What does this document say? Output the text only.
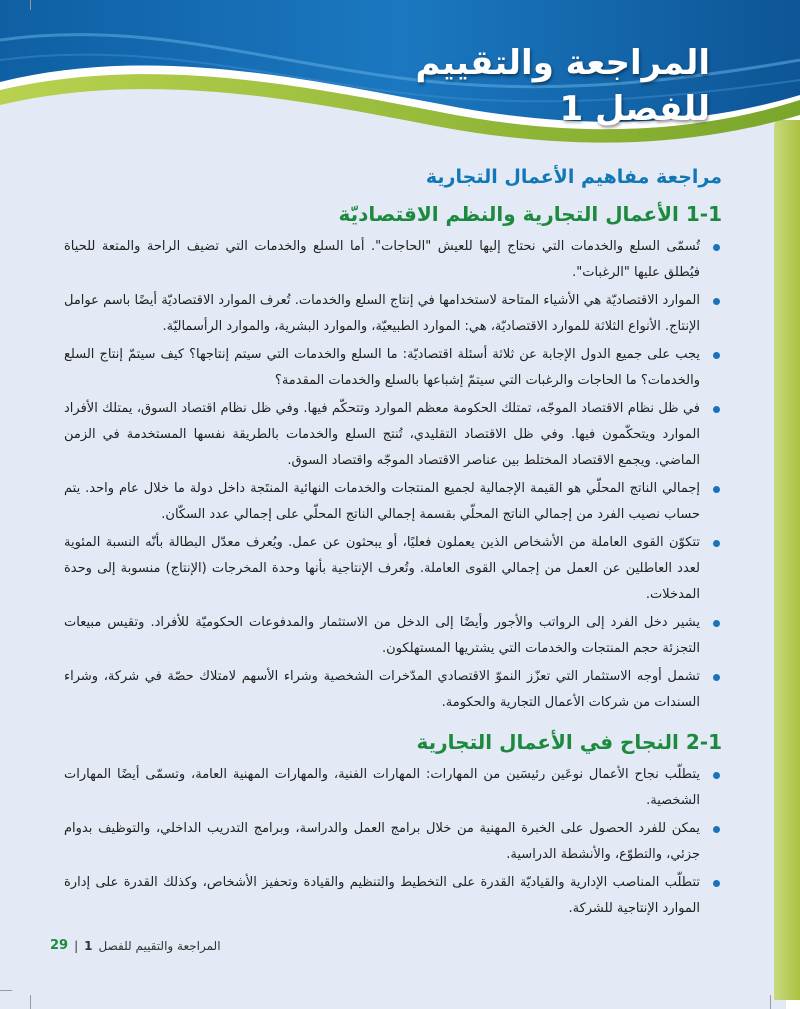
المراجعة والتقييم
للفصل 1
مراجعة مفاهيم الأعمال التجارية
1-1 الأعمال التجارية والنظم الاقتصاديّة
تُسمّى السلع والخدمات التي نحتاج إليها للعيش "الحاجات". أما السلع والخدمات التي تضيف الراحة والمتعة للحياة فيُطلق عليها "الرغبات".
الموارد الاقتصاديّة هي الأشياء المتاحة لاستخدامها في إنتاج السلع والخدمات. تُعرف الموارد الاقتصاديّة أيضًا باسم عوامل الإنتاج. الأنواع الثلاثة للموارد الاقتصاديّة، هي: الموارد الطبيعيّة، والموارد البشرية، والموارد الرأسماليّة.
يجب على جميع الدول الإجابة عن ثلاثة أسئلة اقتصاديّة: ما السلع والخدمات التي سيتم إنتاجها؟ كيف سيتمّ إنتاج السلع والخدمات؟ ما الحاجات والرغبات التي سيتمّ إشباعها بالسلع والخدمات المقدمة؟
في ظل نظام الاقتصاد الموجّه، تمتلك الحكومة معظم الموارد وتتحكّم فيها. وفي ظل نظام اقتصاد السوق، يمتلك الأفراد الموارد ويتحكّمون فيها. وفي ظل الاقتصاد التقليدي، تُنتج السلع والخدمات بالطريقة نفسها المستخدمة في الزمن الماضي. ويجمع الاقتصاد المختلط بين عناصر الاقتصاد الموجّه واقتصاد السوق.
إجمالي الناتج المحلّي هو القيمة الإجمالية لجميع المنتجات والخدمات النهائية المنتَجة داخل دولة ما خلال عام واحد. يتم حساب نصيب الفرد من إجمالي الناتج المحلّي بقسمة إجمالي الناتج المحلّي على إجمالي عدد السكّان.
تتكوّن القوى العاملة من الأشخاص الذين يعملون فعليًا، أو يبحثون عن عمل. ويُعرف معدّل البطالة بأنّه النسبة المئوية لعدد العاطلين عن العمل من إجمالي القوى العاملة. وتُعرف الإنتاجية بأنها وحدة المخرجات (الإنتاج) منسوبة إلى وحدة المدخلات.
يشير دخل الفرد إلى الرواتب والأجور وأيضًا إلى الدخل من الاستثمار والمدفوعات الحكوميّة للأفراد. وتقيس مبيعات التجزئة حجم المنتجات والخدمات التي يشتريها المستهلكون.
تشمل أوجه الاستثمار التي تعزّز النموّ الاقتصادي المدّخرات الشخصية وشراء الأسهم لامتلاك حصّة في شركة، وشراء السندات من شركات الأعمال التجارية والحكومة.
2-1 النجاح في الأعمال التجارية
يتطلّب نجاح الأعمال نوعَين رئيسَين من المهارات: المهارات الفنية، والمهارات المهنية العامة، وتسمّى أيضًا المهارات الشخصية.
يمكن للفرد الحصول على الخبرة المهنية من خلال برامج العمل والدراسة، وبرامج التدريب الداخلي، والتوظيف بدوام جزئي، والتطوّع، والأنشطة الدراسية.
تتطلّب المناصب الإدارية والقياديّة القدرة على التخطيط والتنظيم والقيادة وتحفيز الأشخاص، وكذلك القدرة على إدارة الموارد الإنتاجية للشركة.
29 | 1 المراجعة والتقييم للفصل
